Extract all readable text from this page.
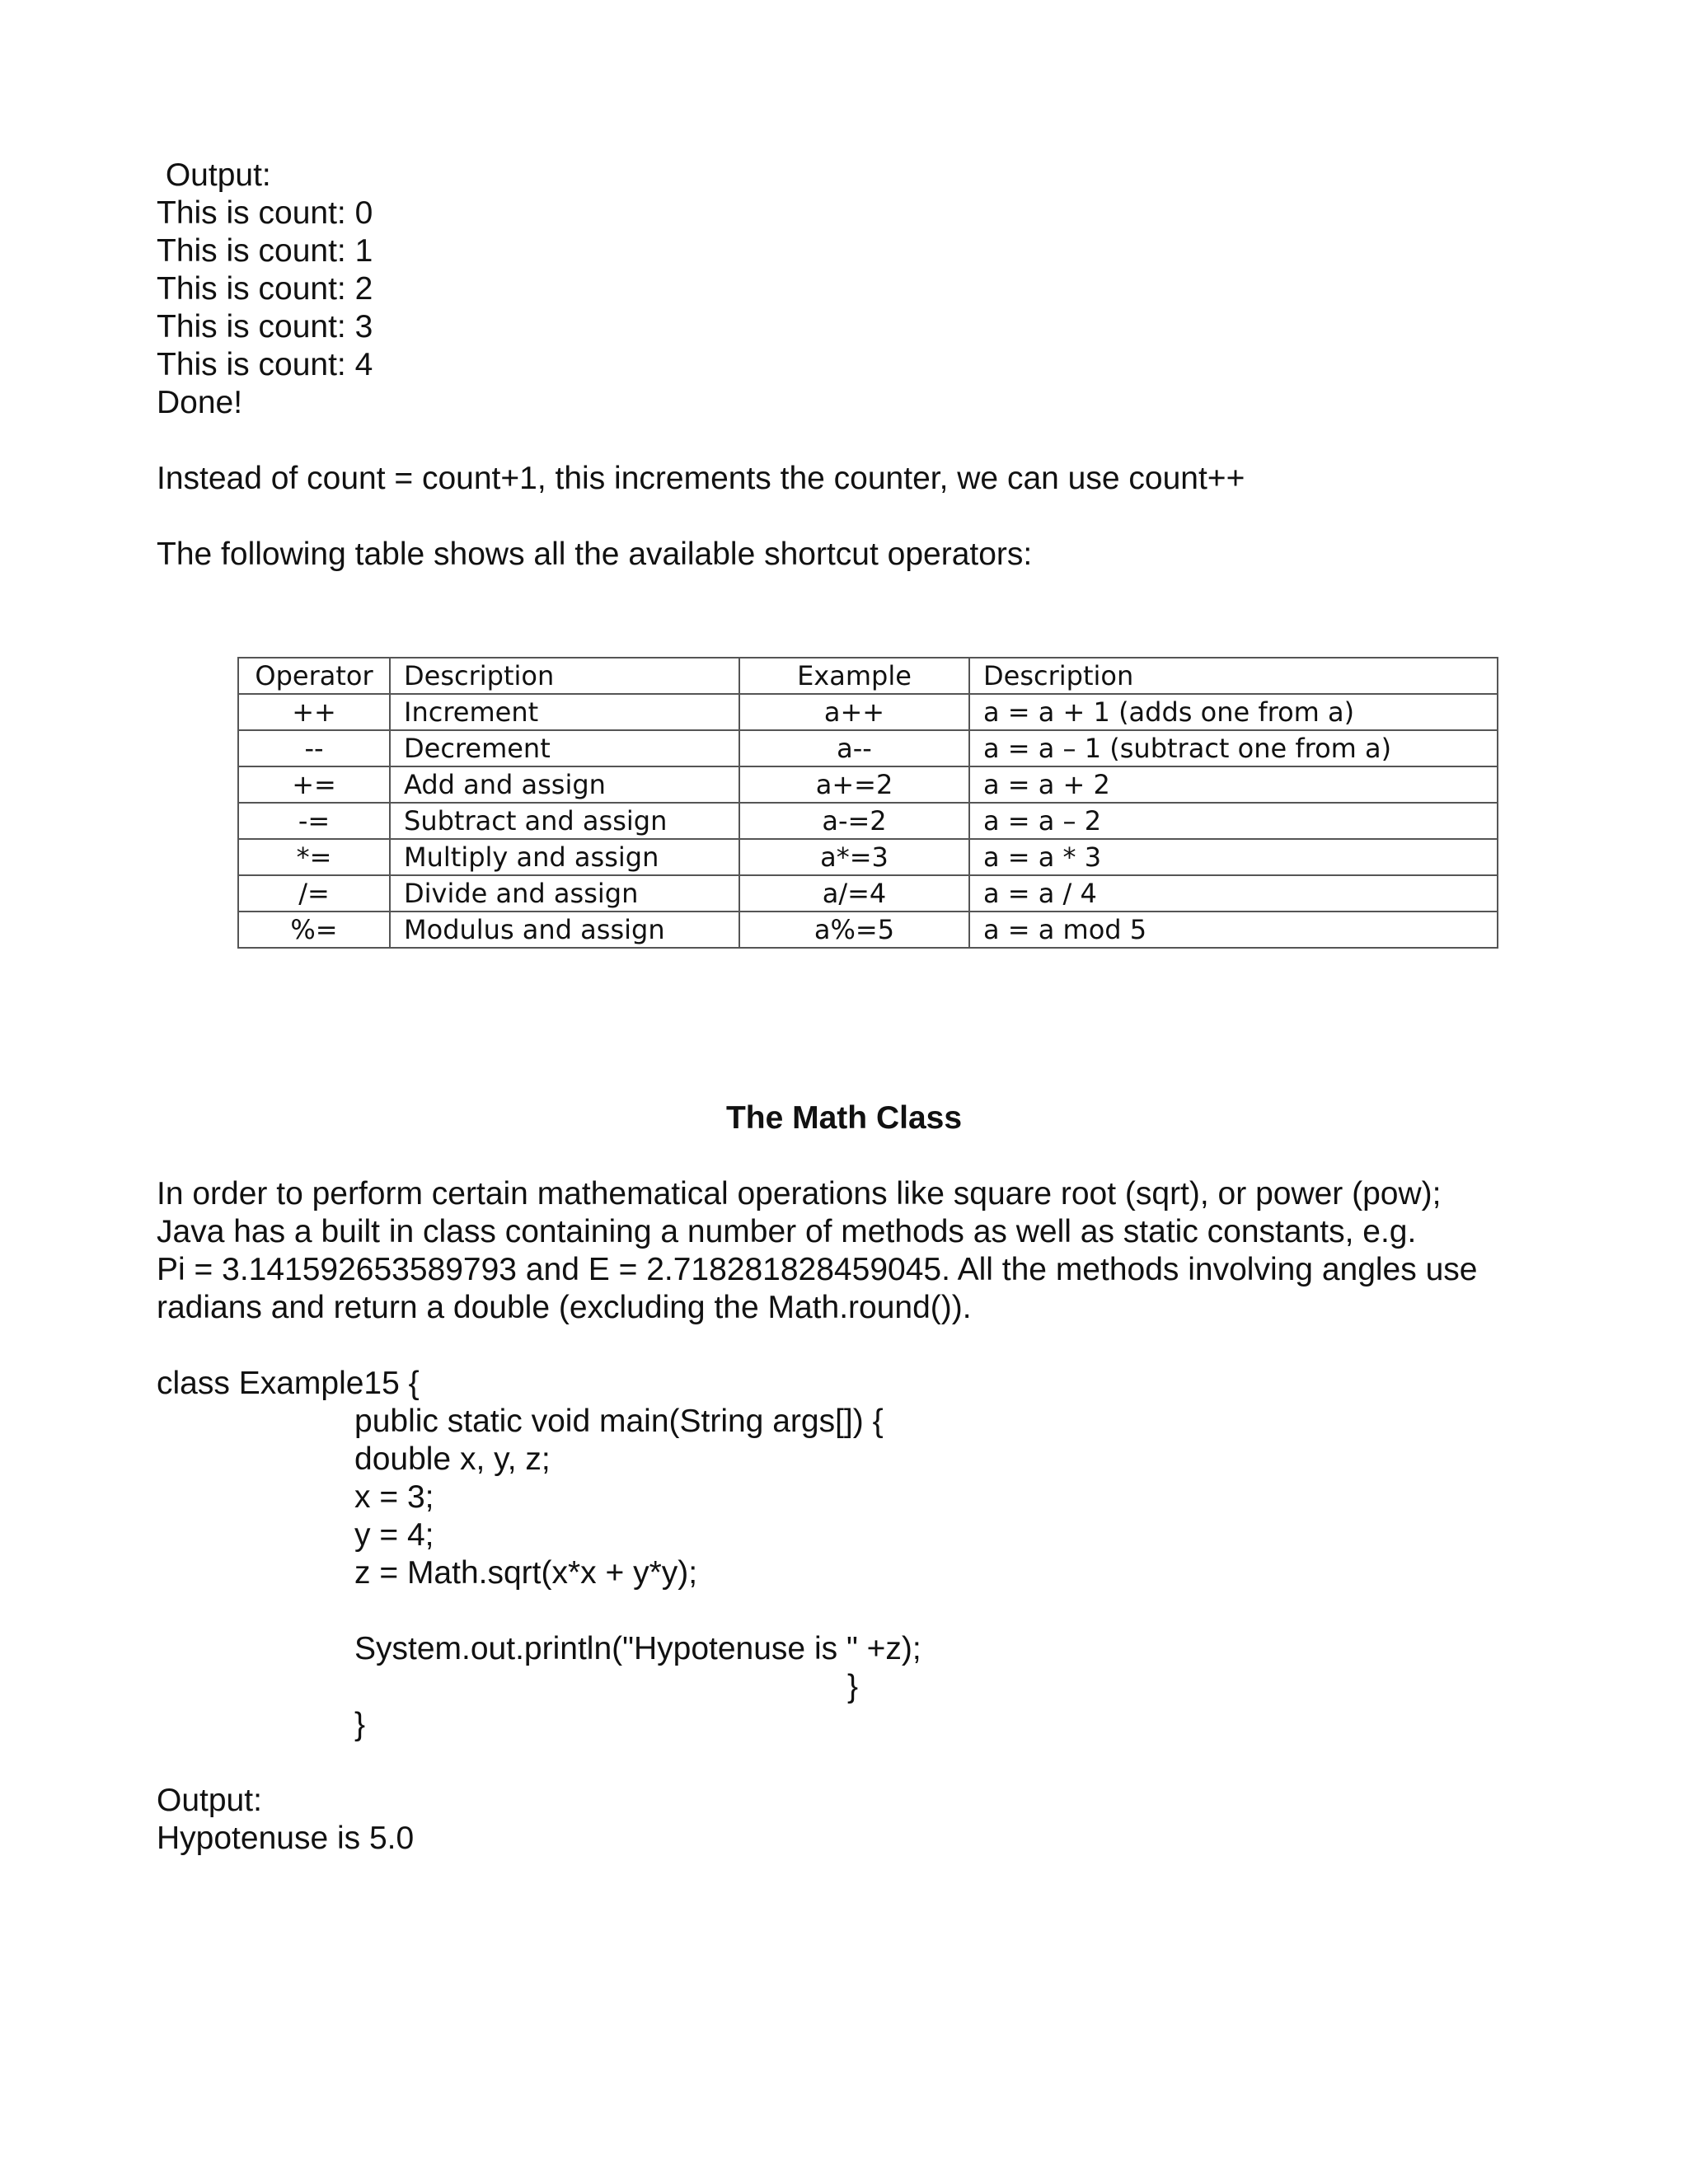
Output:
This is count: 0
This is count: 1
This is count: 2
This is count: 3
This is count: 4
Done!
Instead of count = count+1, this increments the counter, we can use count++
The following table shows all the available shortcut operators:
Operator	Description	Example	Description
++	Increment	a++	a = a + 1 (adds one from a)
--	Decrement	a--	a = a – 1 (subtract one from a)
+=	Add and assign	a+=2	a = a + 2
-=	Subtract and assign	a-=2	a = a – 2
*=	Multiply and assign	a*=3	a = a * 3
/=	Divide and assign	a/=4	a = a / 4
%=	Modulus and assign	a%=5	a = a mod 5
The Math Class
In order to perform certain mathematical operations like square root (sqrt), or power (pow);
Java has a built in class containing a number of methods as well as static constants, e.g.
Pi = 3.141592653589793 and E = 2.718281828459045. All the methods involving angles use
radians and return a double (excluding the Math.round()).
class Example15 {
public static void main(String args[]) {
double x, y, z;
x = 3;
y = 4;
z = Math.sqrt(x*x + y*y);
System.out.println("Hypotenuse is " +z);
}
}
Output:
Hypotenuse is 5.0
